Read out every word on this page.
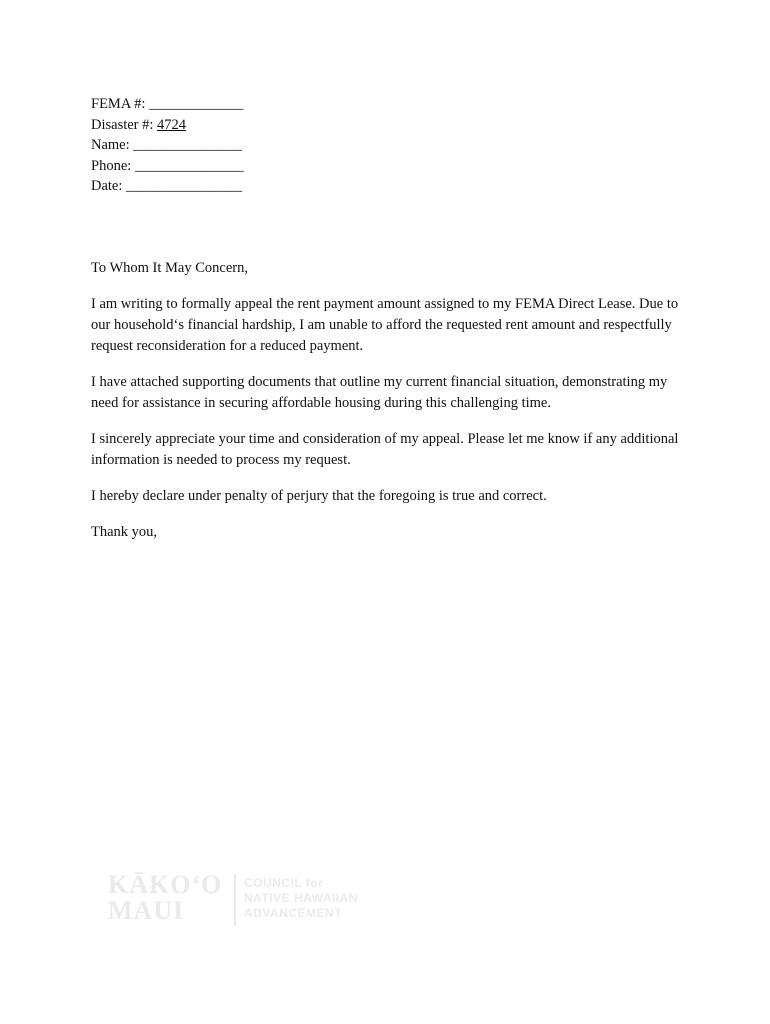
FEMA #: _____________
Disaster #: 4724
Name: _______________
Phone: _______________
Date: ________________

To Whom It May Concern,

I am writing to formally appeal the rent payment amount assigned to my FEMA Direct Lease. Due to our household‘s financial hardship, I am unable to afford the requested rent amount and respectfully request reconsideration for a reduced payment.

I have attached supporting documents that outline my current financial situation, demonstrating my need for assistance in securing affordable housing during this challenging time.

I sincerely appreciate your time and consideration of my appeal. Please let me know if any additional information is needed to process my request.

I hereby declare under penalty of perjury that the foregoing is true and correct.

Thank you,

KĀKOʻO
MAUI
COUNCIL for
NATIVE HAWAIIAN
ADVANCEMENT
